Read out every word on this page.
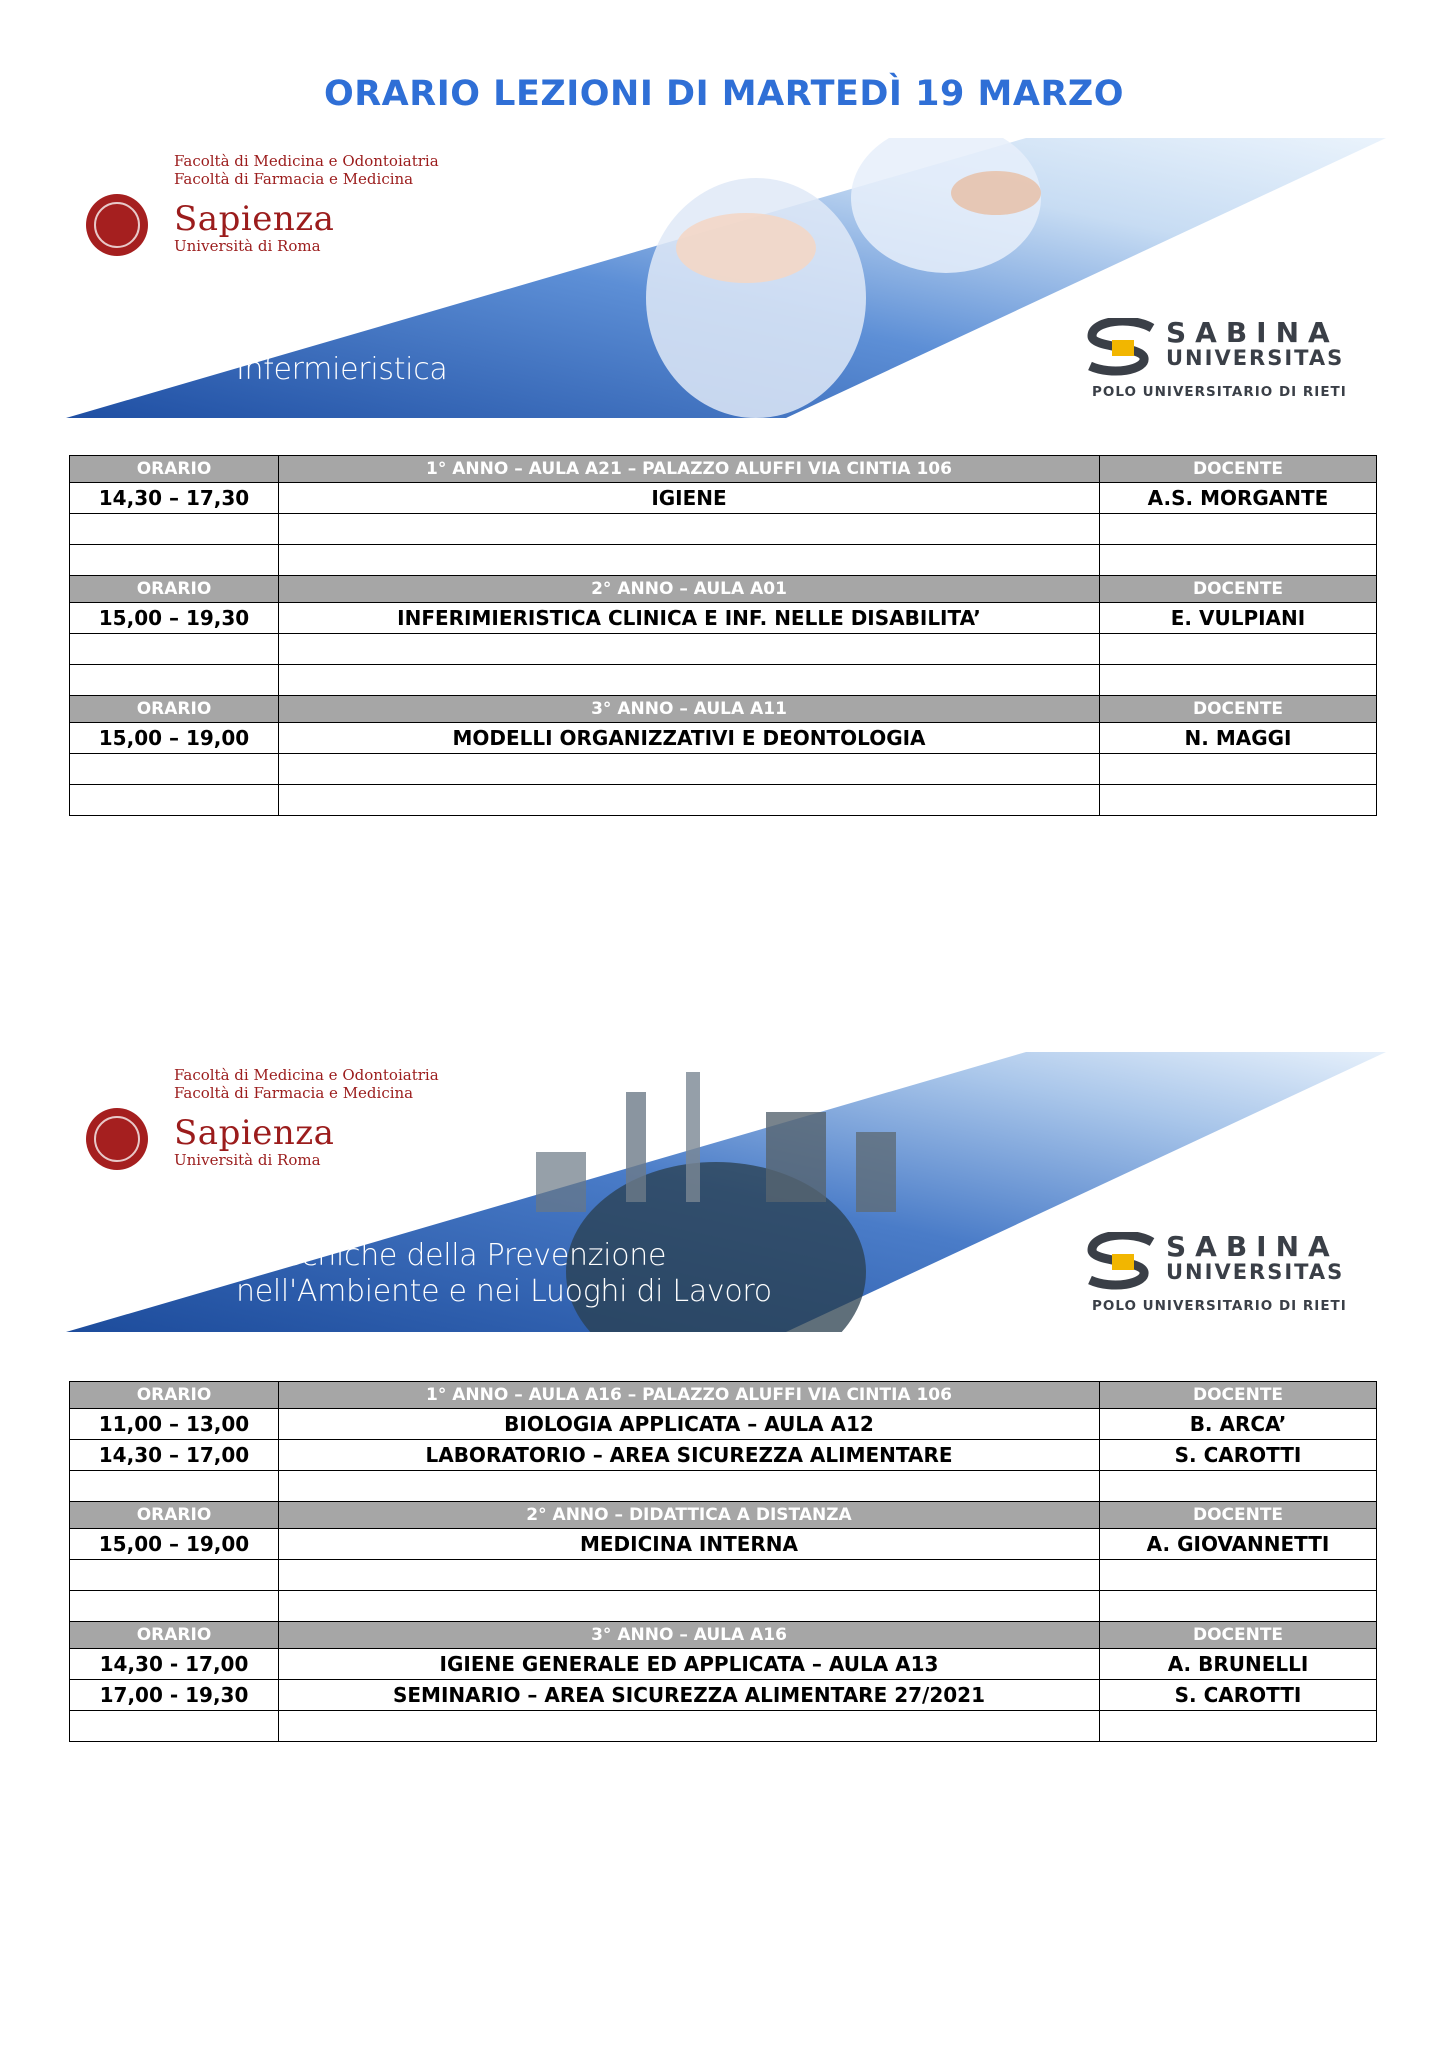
ORARIO LEZIONI DI MARTEDÌ 19 MARZO
Facoltà di Medicina e Odontoiatria
Facoltà di Farmacia e Medicina
Sapienza
Università di Roma
Infermieristica
SABINA
UNIVERSITAS
POLO UNIVERSITARIO DI RIETI
ORARIO	1° ANNO – AULA A21 – PALAZZO ALUFFI VIA CINTIA 106	DOCENTE
14,30 – 17,30	IGIENE	A.S. MORGANTE

ORARIO	2° ANNO – AULA A01	DOCENTE
15,00 – 19,30	INFERIMIERISTICA CLINICA E INF. NELLE DISABILITA’	E. VULPIANI

ORARIO	3° ANNO – AULA A11	DOCENTE
15,00 – 19,00	MODELLI ORGANIZZATIVI E DEONTOLOGIA	N. MAGGI

Facoltà di Medicina e Odontoiatria
Facoltà di Farmacia e Medicina
Sapienza
Università di Roma
Tecniche della Prevenzione
nell'Ambiente e nei Luoghi di Lavoro
SABINA
UNIVERSITAS
POLO UNIVERSITARIO DI RIETI
ORARIO	1° ANNO – AULA A16 – PALAZZO ALUFFI VIA CINTIA 106	DOCENTE
11,00 – 13,00	BIOLOGIA APPLICATA – AULA A12	B. ARCA’
14,30 – 17,00	LABORATORIO – AREA SICUREZZA ALIMENTARE	S. CAROTTI

ORARIO	2° ANNO – DIDATTICA A DISTANZA	DOCENTE
15,00 – 19,00	MEDICINA INTERNA	A. GIOVANNETTI

ORARIO	3° ANNO – AULA A16	DOCENTE
14,30 - 17,00	IGIENE GENERALE ED APPLICATA – AULA A13	A. BRUNELLI
17,00 - 19,30	SEMINARIO – AREA SICUREZZA ALIMENTARE 27/2021	S. CAROTTI
